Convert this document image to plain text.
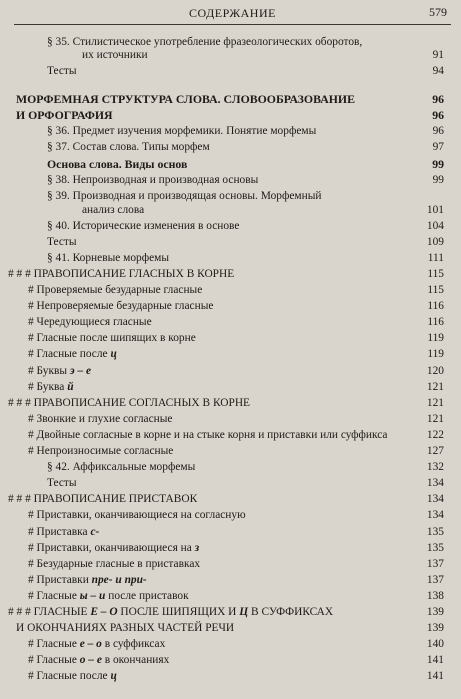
СОДЕРЖАНИЕ	579
§ 35. Стилистическое употребление фразеологических оборотов,
их источники	91
Тесты	94
МОРФЕМНАЯ СТРУКТУРА СЛОВА. СЛОВООБРАЗОВАНИЕ	96
И ОРФОГРАФИЯ	96
§ 36. Предмет изучения морфемики. Понятие морфемы	96
§ 37. Состав слова. Типы морфем	97
Основа слова. Виды основ	99
§ 38. Непроизводная и производная основы	99
§ 39. Производная и производящая основы. Морфемный
анализ слова	101
§ 40. Исторические изменения в основе	104
Тесты	109
§ 41. Корневые морфемы	111
# # # ПРАВОПИСАНИЕ ГЛАСНЫХ В КОРНЕ	115
# Проверяемые безударные гласные	115
# Непроверяемые безударные гласные	116
# Чередующиеся гласные	116
# Гласные после шипящих в корне	119
# Гласные после ц	119
# Буквы э – е	120
# Буква й	121
# # # ПРАВОПИСАНИЕ СОГЛАСНЫХ В КОРНЕ	121
# Звонкие и глухие согласные	121
# Двойные согласные в корне и на стыке корня и приставки или суффикса	122
# Непроизносимые согласные	127
§ 42. Аффиксальные морфемы	132
Тесты	134
# # # ПРАВОПИСАНИЕ ПРИСТАВОК	134
# Приставки, оканчивающиеся на согласную	134
# Приставка с-	135
# Приставки, оканчивающиеся на з	135
# Безударные гласные в приставках	137
# Приставки пре- и при-	137
# Гласные ы – и после приставок	138
# # # ГЛАСНЫЕ Е – О ПОСЛЕ ШИПЯЩИХ И Ц В СУФФИКСАХ	139
И ОКОНЧАНИЯХ РАЗНЫХ ЧАСТЕЙ РЕЧИ	139
# Гласные е – о в суффиксах	140
# Гласные о – е в окончаниях	141
# Гласные после ц	141
